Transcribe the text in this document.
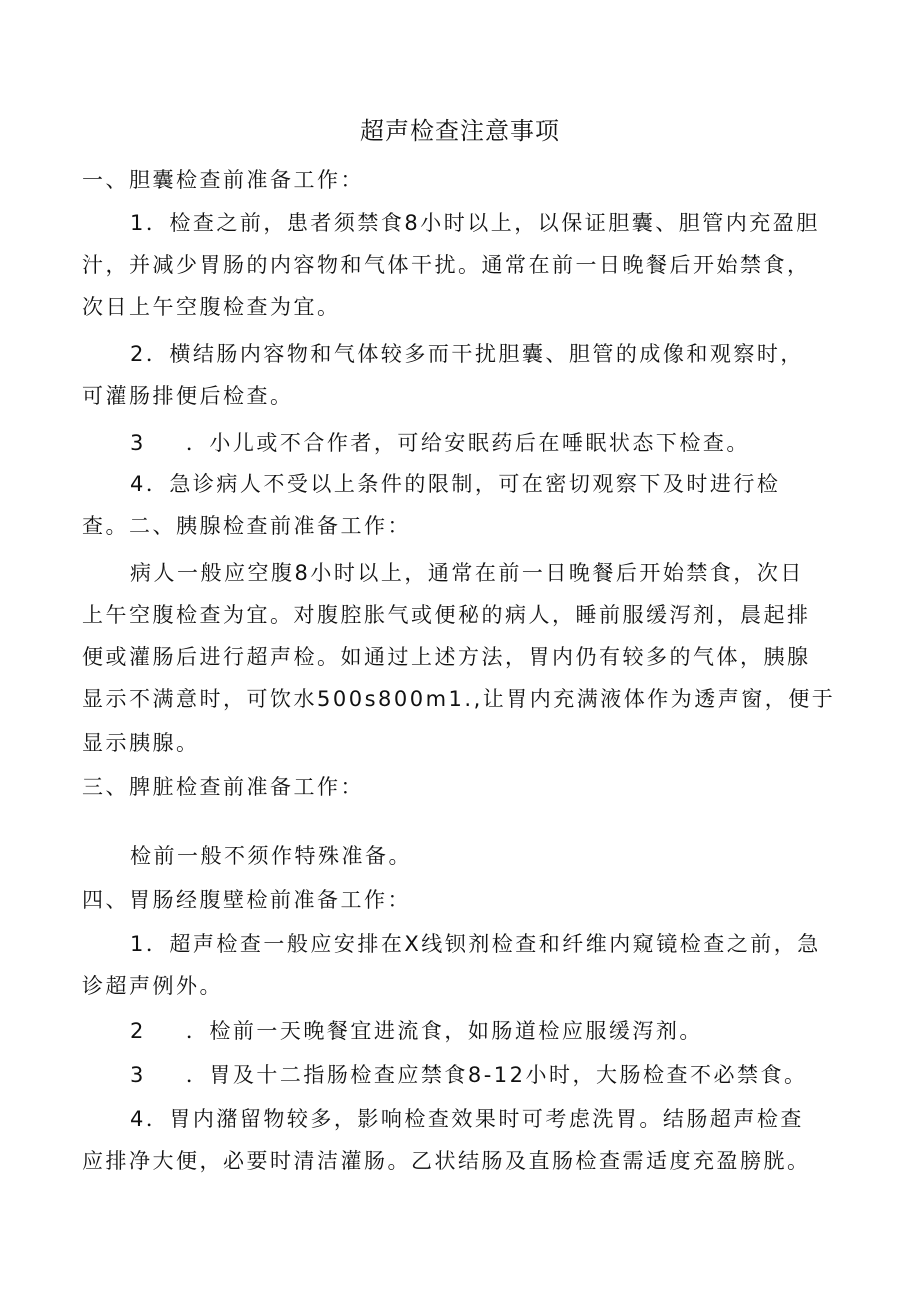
超声检查注意事项
一、胆囊检查前准备工作：
1．检查之前，患者须禁食8小时以上，以保证胆囊、胆管内充盈胆
汁，并减少胃肠的内容物和气体干扰。通常在前一日晚餐后开始禁食，
次日上午空腹检查为宜。
2．横结肠内容物和气体较多而干扰胆囊、胆管的成像和观察时，
可灌肠排便后检查。
3 ．小儿或不合作者，可给安眠药后在唾眠状态下检查。
4．急诊病人不受以上条件的限制，可在密切观察下及时进行检
查。二、胰腺检查前准备工作：
病人一般应空腹8小时以上，通常在前一日晚餐后开始禁食，次日
上午空腹检查为宜。对腹腔胀气或便秘的病人，睡前服缓泻剂，晨起排
便或灌肠后进行超声检。如通过上述方法，胃内仍有较多的气体，胰腺
显示不满意时，可饮水500s800m1.,让胃内充满液体作为透声窗，便于
显示胰腺。
三、脾脏检查前准备工作：
检前一般不须作特殊准备。
四、胃肠经腹壁检前准备工作：
1．超声检查一般应安排在X线钡剂检查和纤维内窥镜检查之前，急
诊超声例外。
2 ．检前一天晚餐宜进流食，如肠道检应服缓泻剂。
3 ．胃及十二指肠检查应禁食8-12小时，大肠检查不必禁食。
4．胃内潴留物较多，影响检查效果时可考虑洗胃。结肠超声检查
应排净大便，必要时清洁灌肠。乙状结肠及直肠检查需适度充盈膀胱。
